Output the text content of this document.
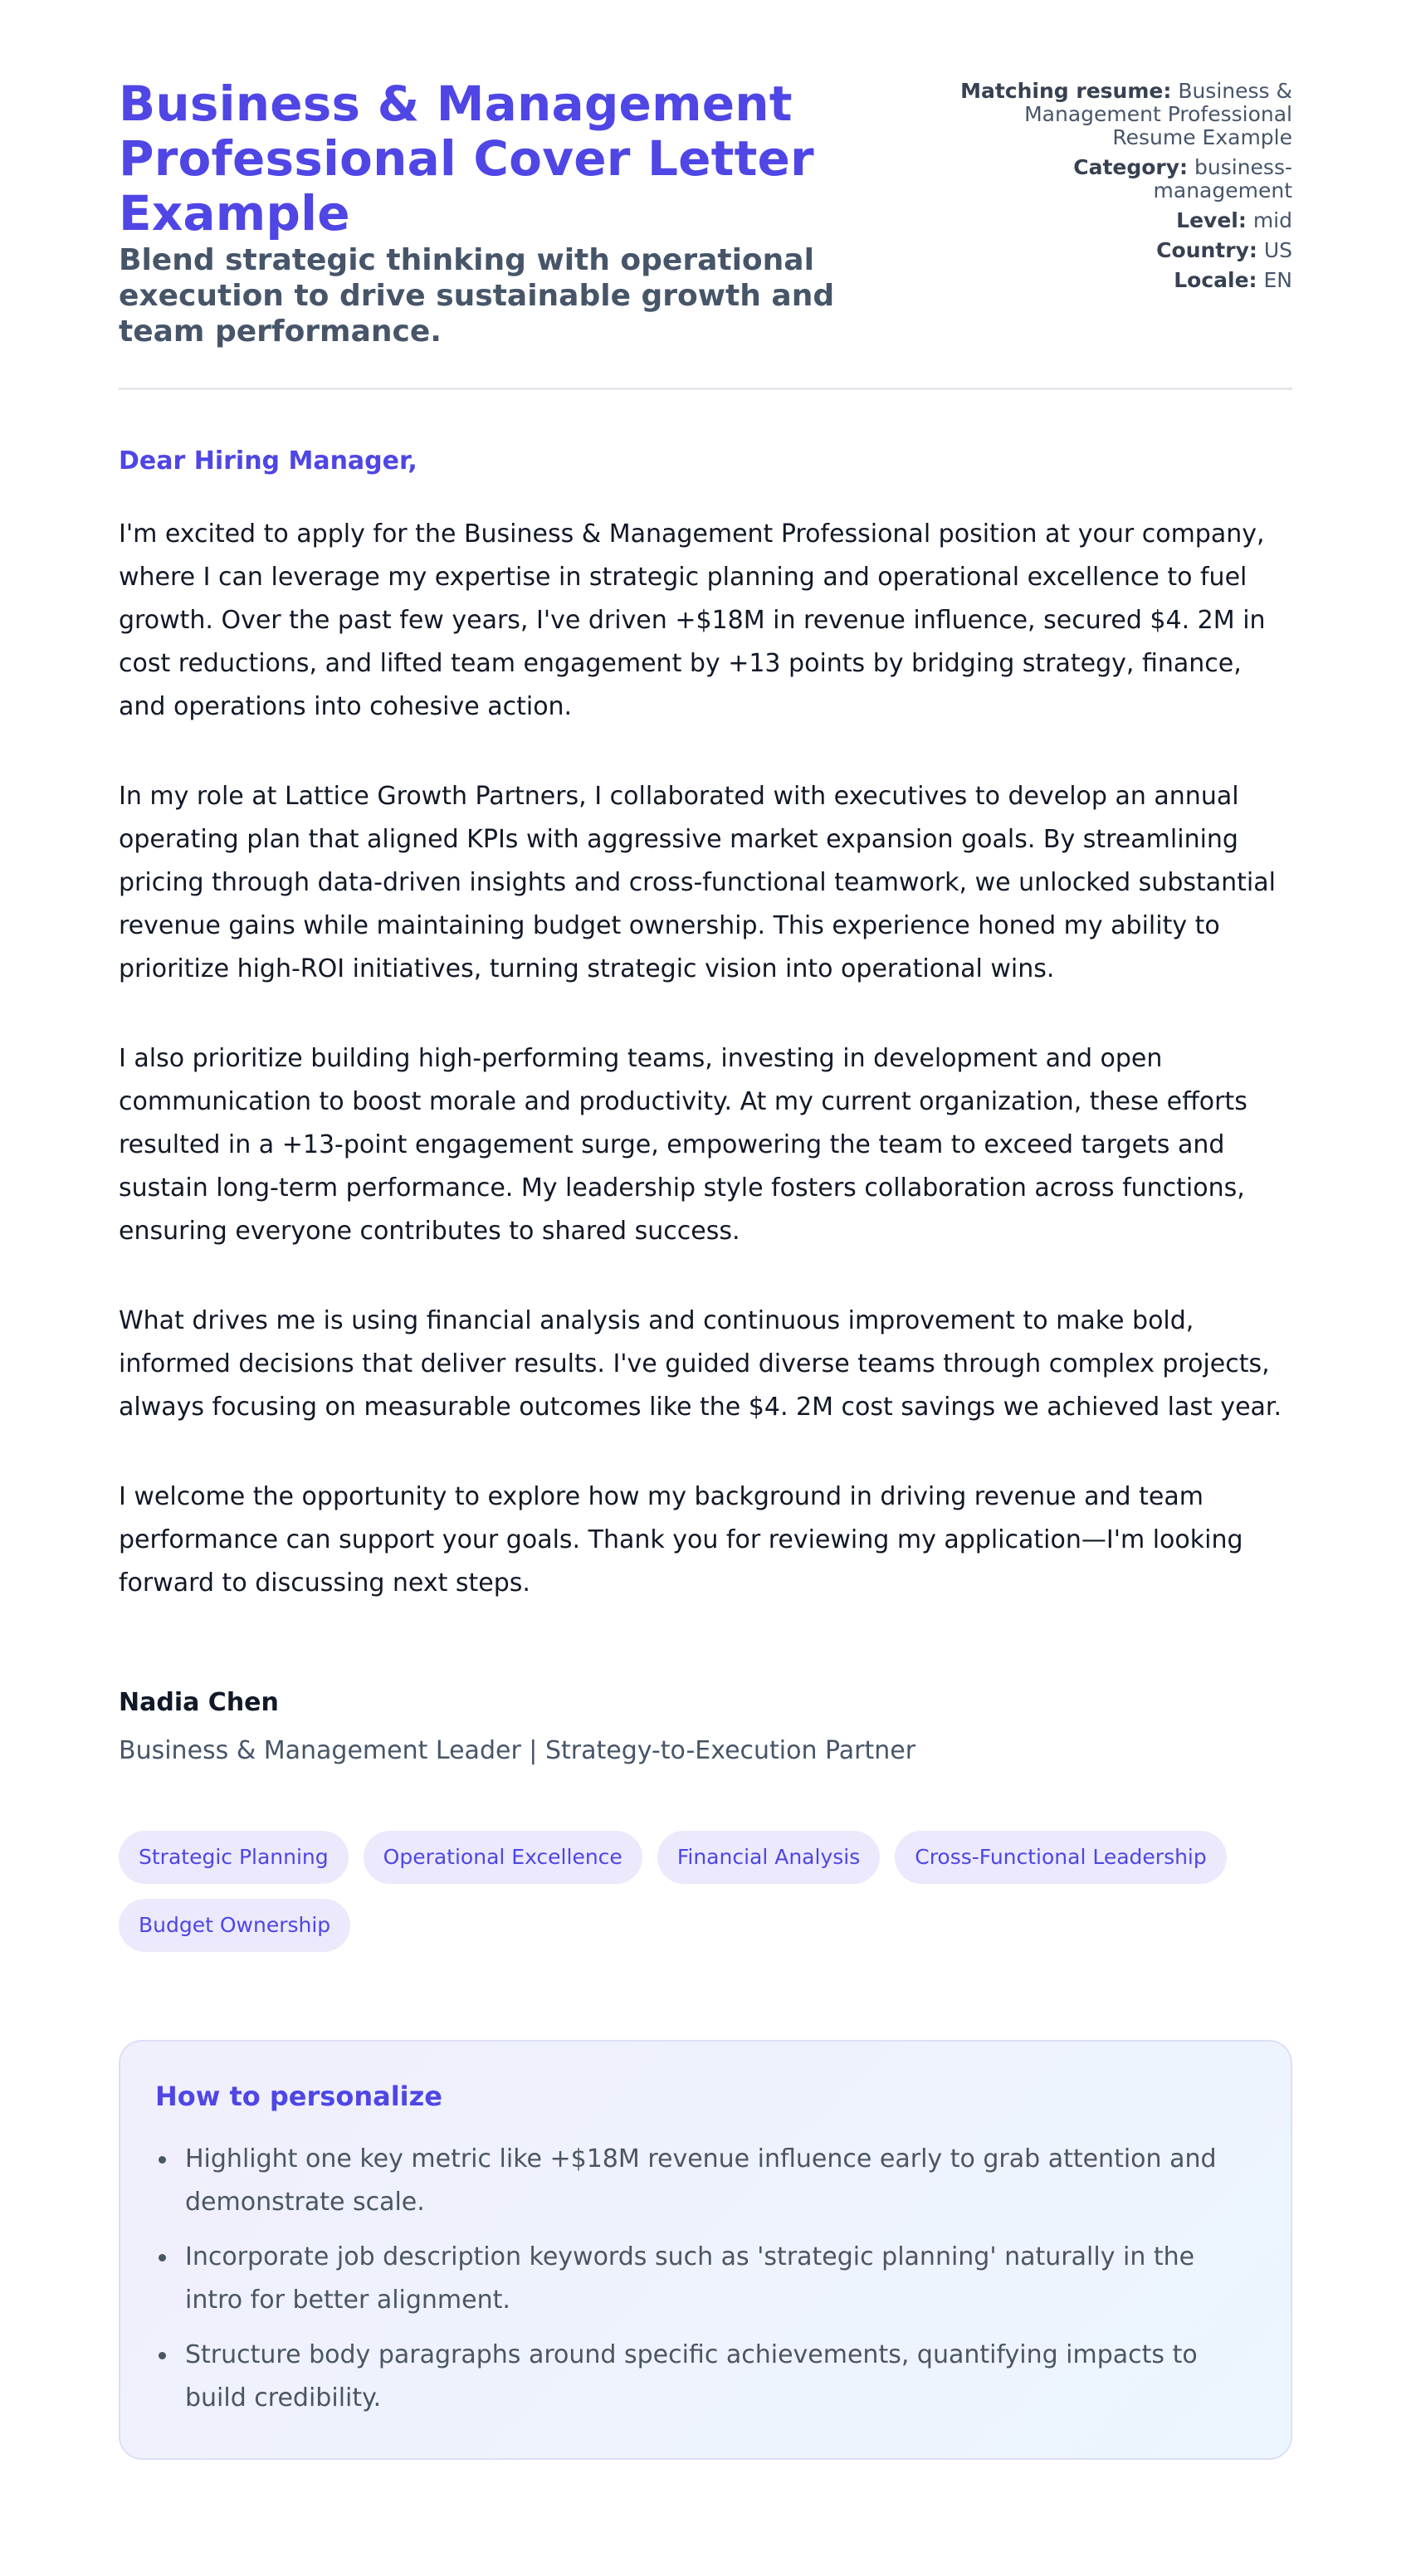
Business & Management Professional Cover Letter Example
Blend strategic thinking with operational execution to drive sustainable growth and team performance.
Matching resume: Business & Management Professional Resume Example
Category: business-management
Level: mid
Country: US
Locale: EN

Dear Hiring Manager,

I'm excited to apply for the Business & Management Professional position at your company, where I can leverage my expertise in strategic planning and operational excellence to fuel growth. Over the past few years, I've driven +$18M in revenue influence, secured $4. 2M in cost reductions, and lifted team engagement by +13 points by bridging strategy, finance, and operations into cohesive action.

In my role at Lattice Growth Partners, I collaborated with executives to develop an annual operating plan that aligned KPIs with aggressive market expansion goals. By streamlining pricing through data-driven insights and cross-functional teamwork, we unlocked substantial revenue gains while maintaining budget ownership. This experience honed my ability to prioritize high-ROI initiatives, turning strategic vision into operational wins.

I also prioritize building high-performing teams, investing in development and open communication to boost morale and productivity. At my current organization, these efforts resulted in a +13-point engagement surge, empowering the team to exceed targets and sustain long-term performance. My leadership style fosters collaboration across functions, ensuring everyone contributes to shared success.

What drives me is using financial analysis and continuous improvement to make bold, informed decisions that deliver results. I've guided diverse teams through complex projects, always focusing on measurable outcomes like the $4. 2M cost savings we achieved last year.

I welcome the opportunity to explore how my background in driving revenue and team performance can support your goals. Thank you for reviewing my application—I'm looking forward to discussing next steps.

Nadia Chen
Business & Management Leader | Strategy-to-Execution Partner
Strategic Planning	Operational Excellence	Financial Analysis	Cross-Functional Leadership
Budget Ownership
How to personalize
Highlight one key metric like +$18M revenue influence early to grab attention and demonstrate scale.
Incorporate job description keywords such as 'strategic planning' naturally in the intro for better alignment.
Structure body paragraphs around specific achievements, quantifying impacts to build credibility.
